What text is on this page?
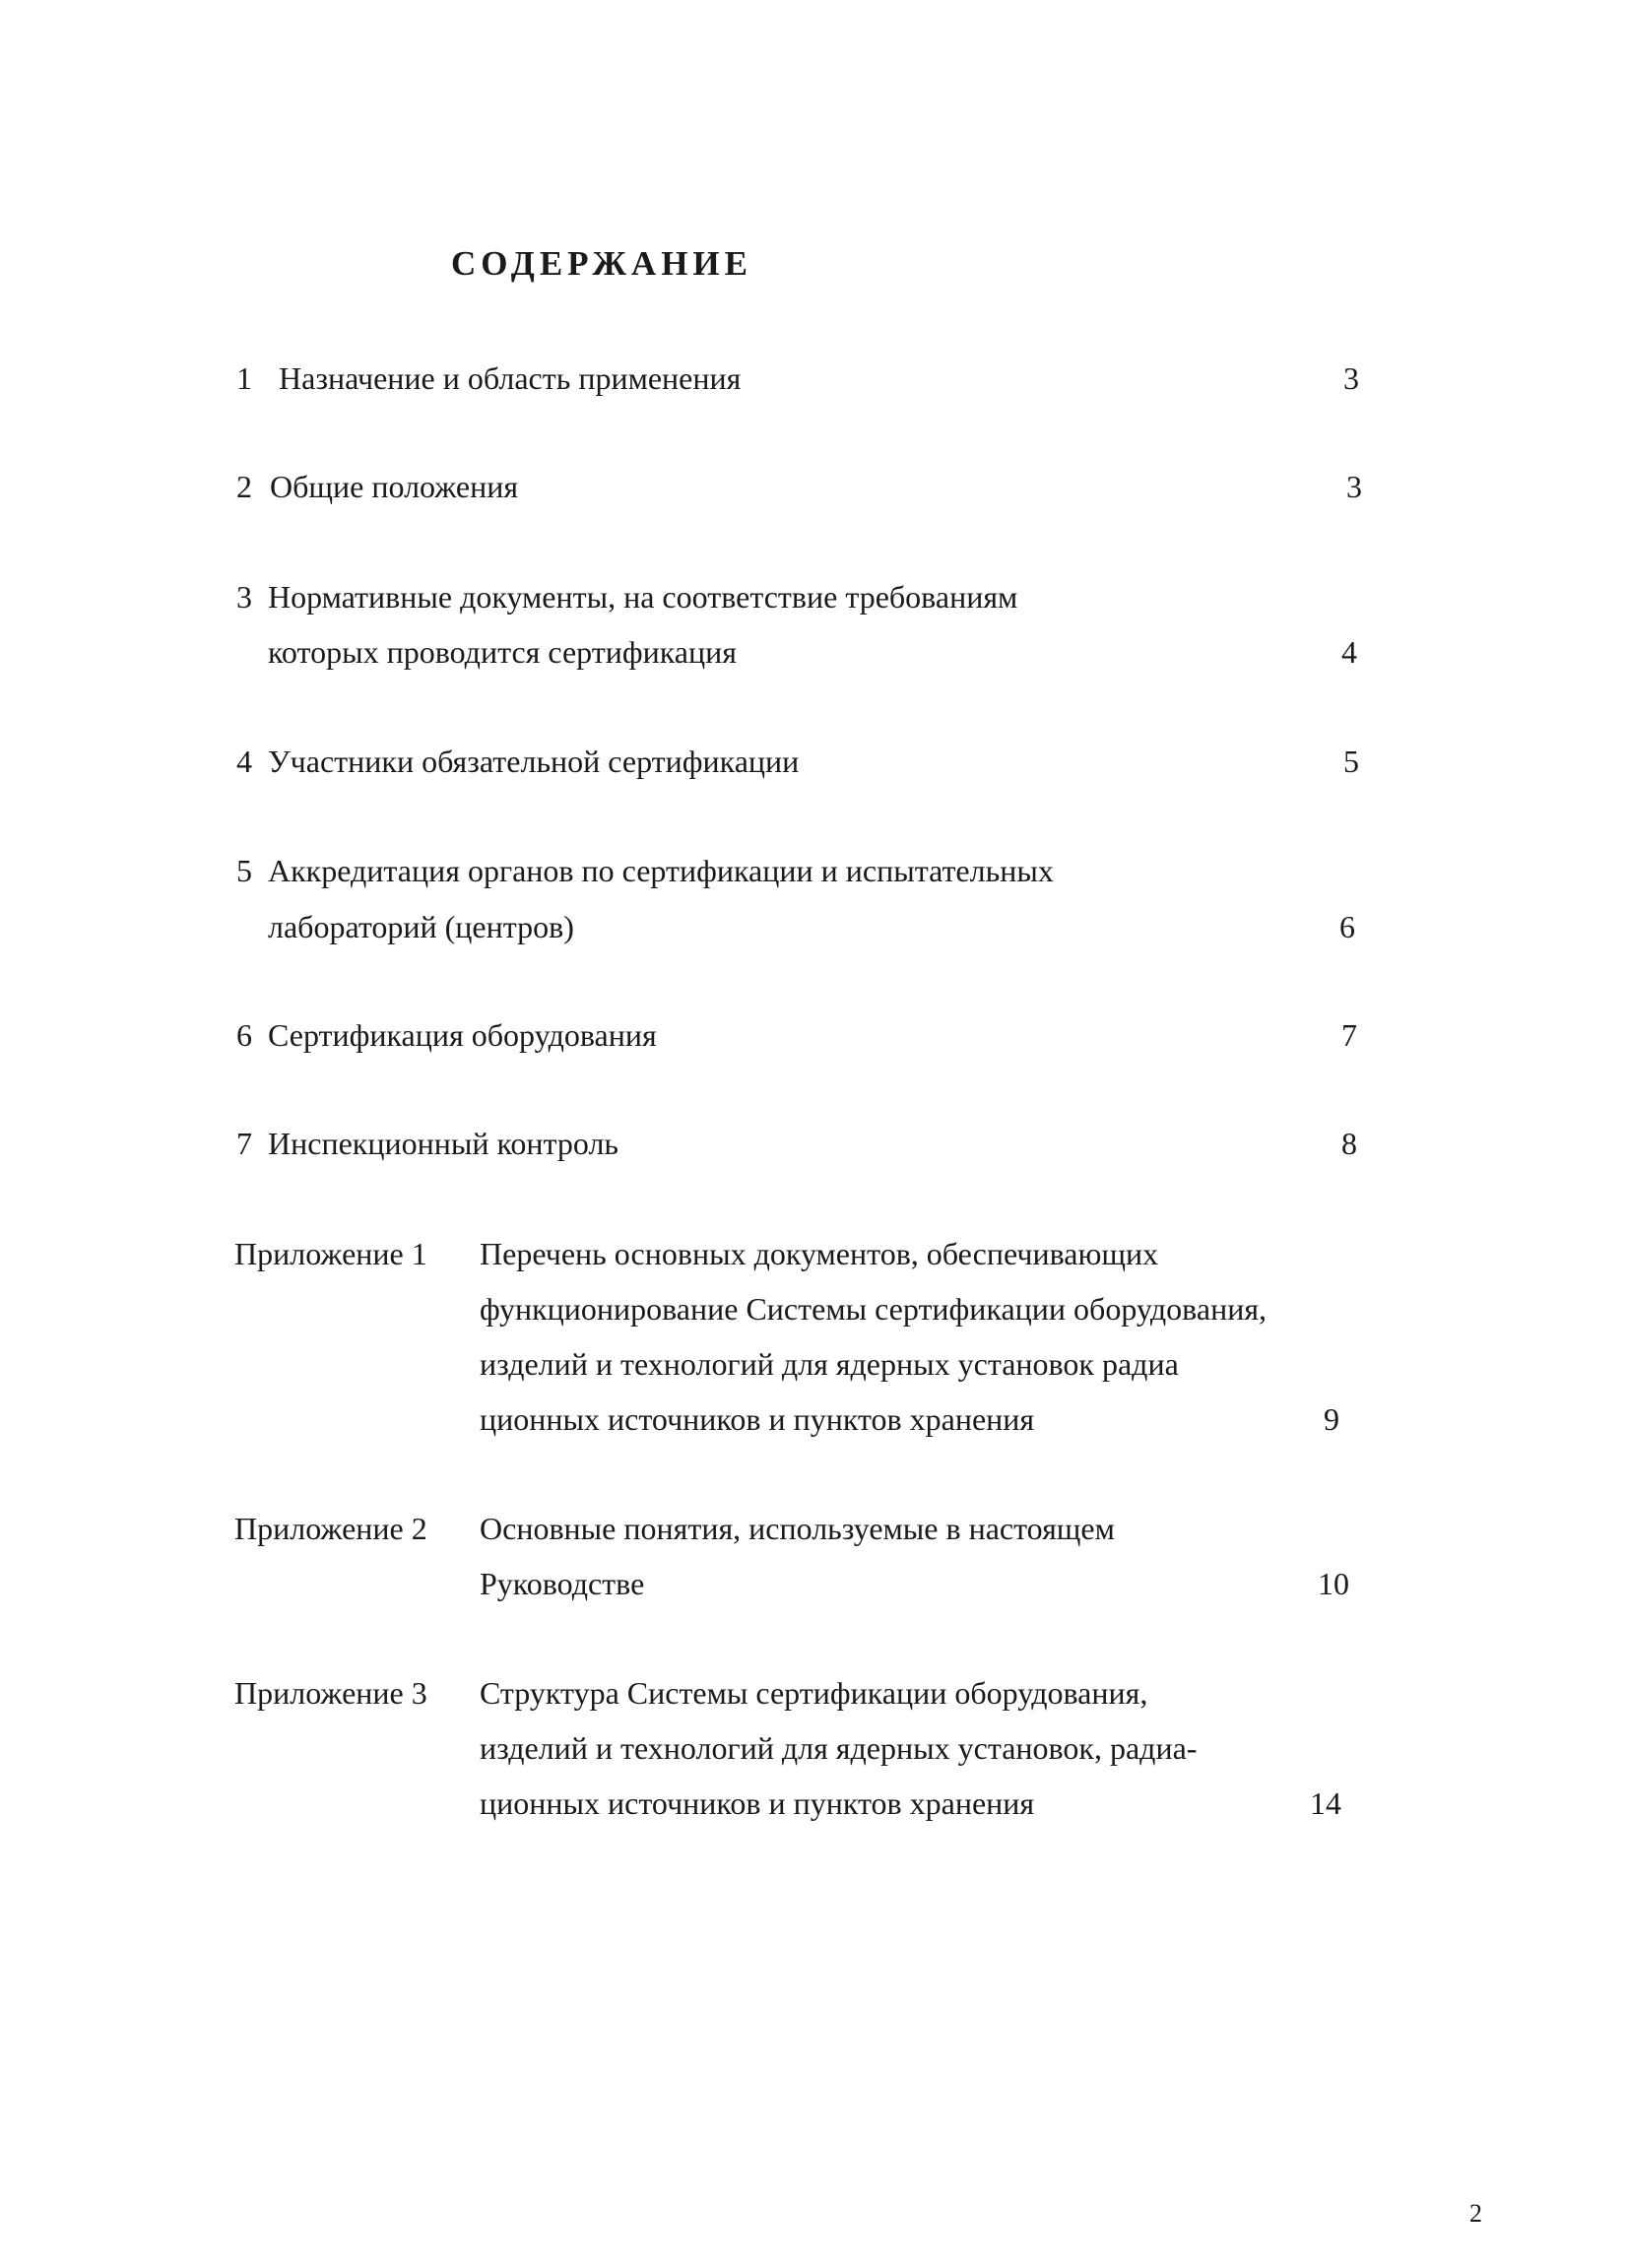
СОДЕРЖАНИЕ
1 Назначение и область применения	3
2 Общие положения	3
3 Нормативные документы, на соответствие требованиям
которых проводится сертификация	4
4 Участники обязательной сертификации	5
5 Аккредитация органов по сертификации и испытательных
лабораторий (центров)	6
6 Сертификация оборудования	7
7 Инспекционный контроль	8
Приложение 1 Перечень основных документов, обеспечивающих
функционирование Системы сертификации оборудования,
изделий и технологий для ядерных установок радиа
ционных источников и пунктов хранения	9
Приложение 2 Основные понятия, используемые в настоящем
Руководстве	10
Приложение 3 Структура Системы сертификации оборудования,
изделий и технологий для ядерных установок, радиа-
ционных источников и пунктов хранения	14
2
